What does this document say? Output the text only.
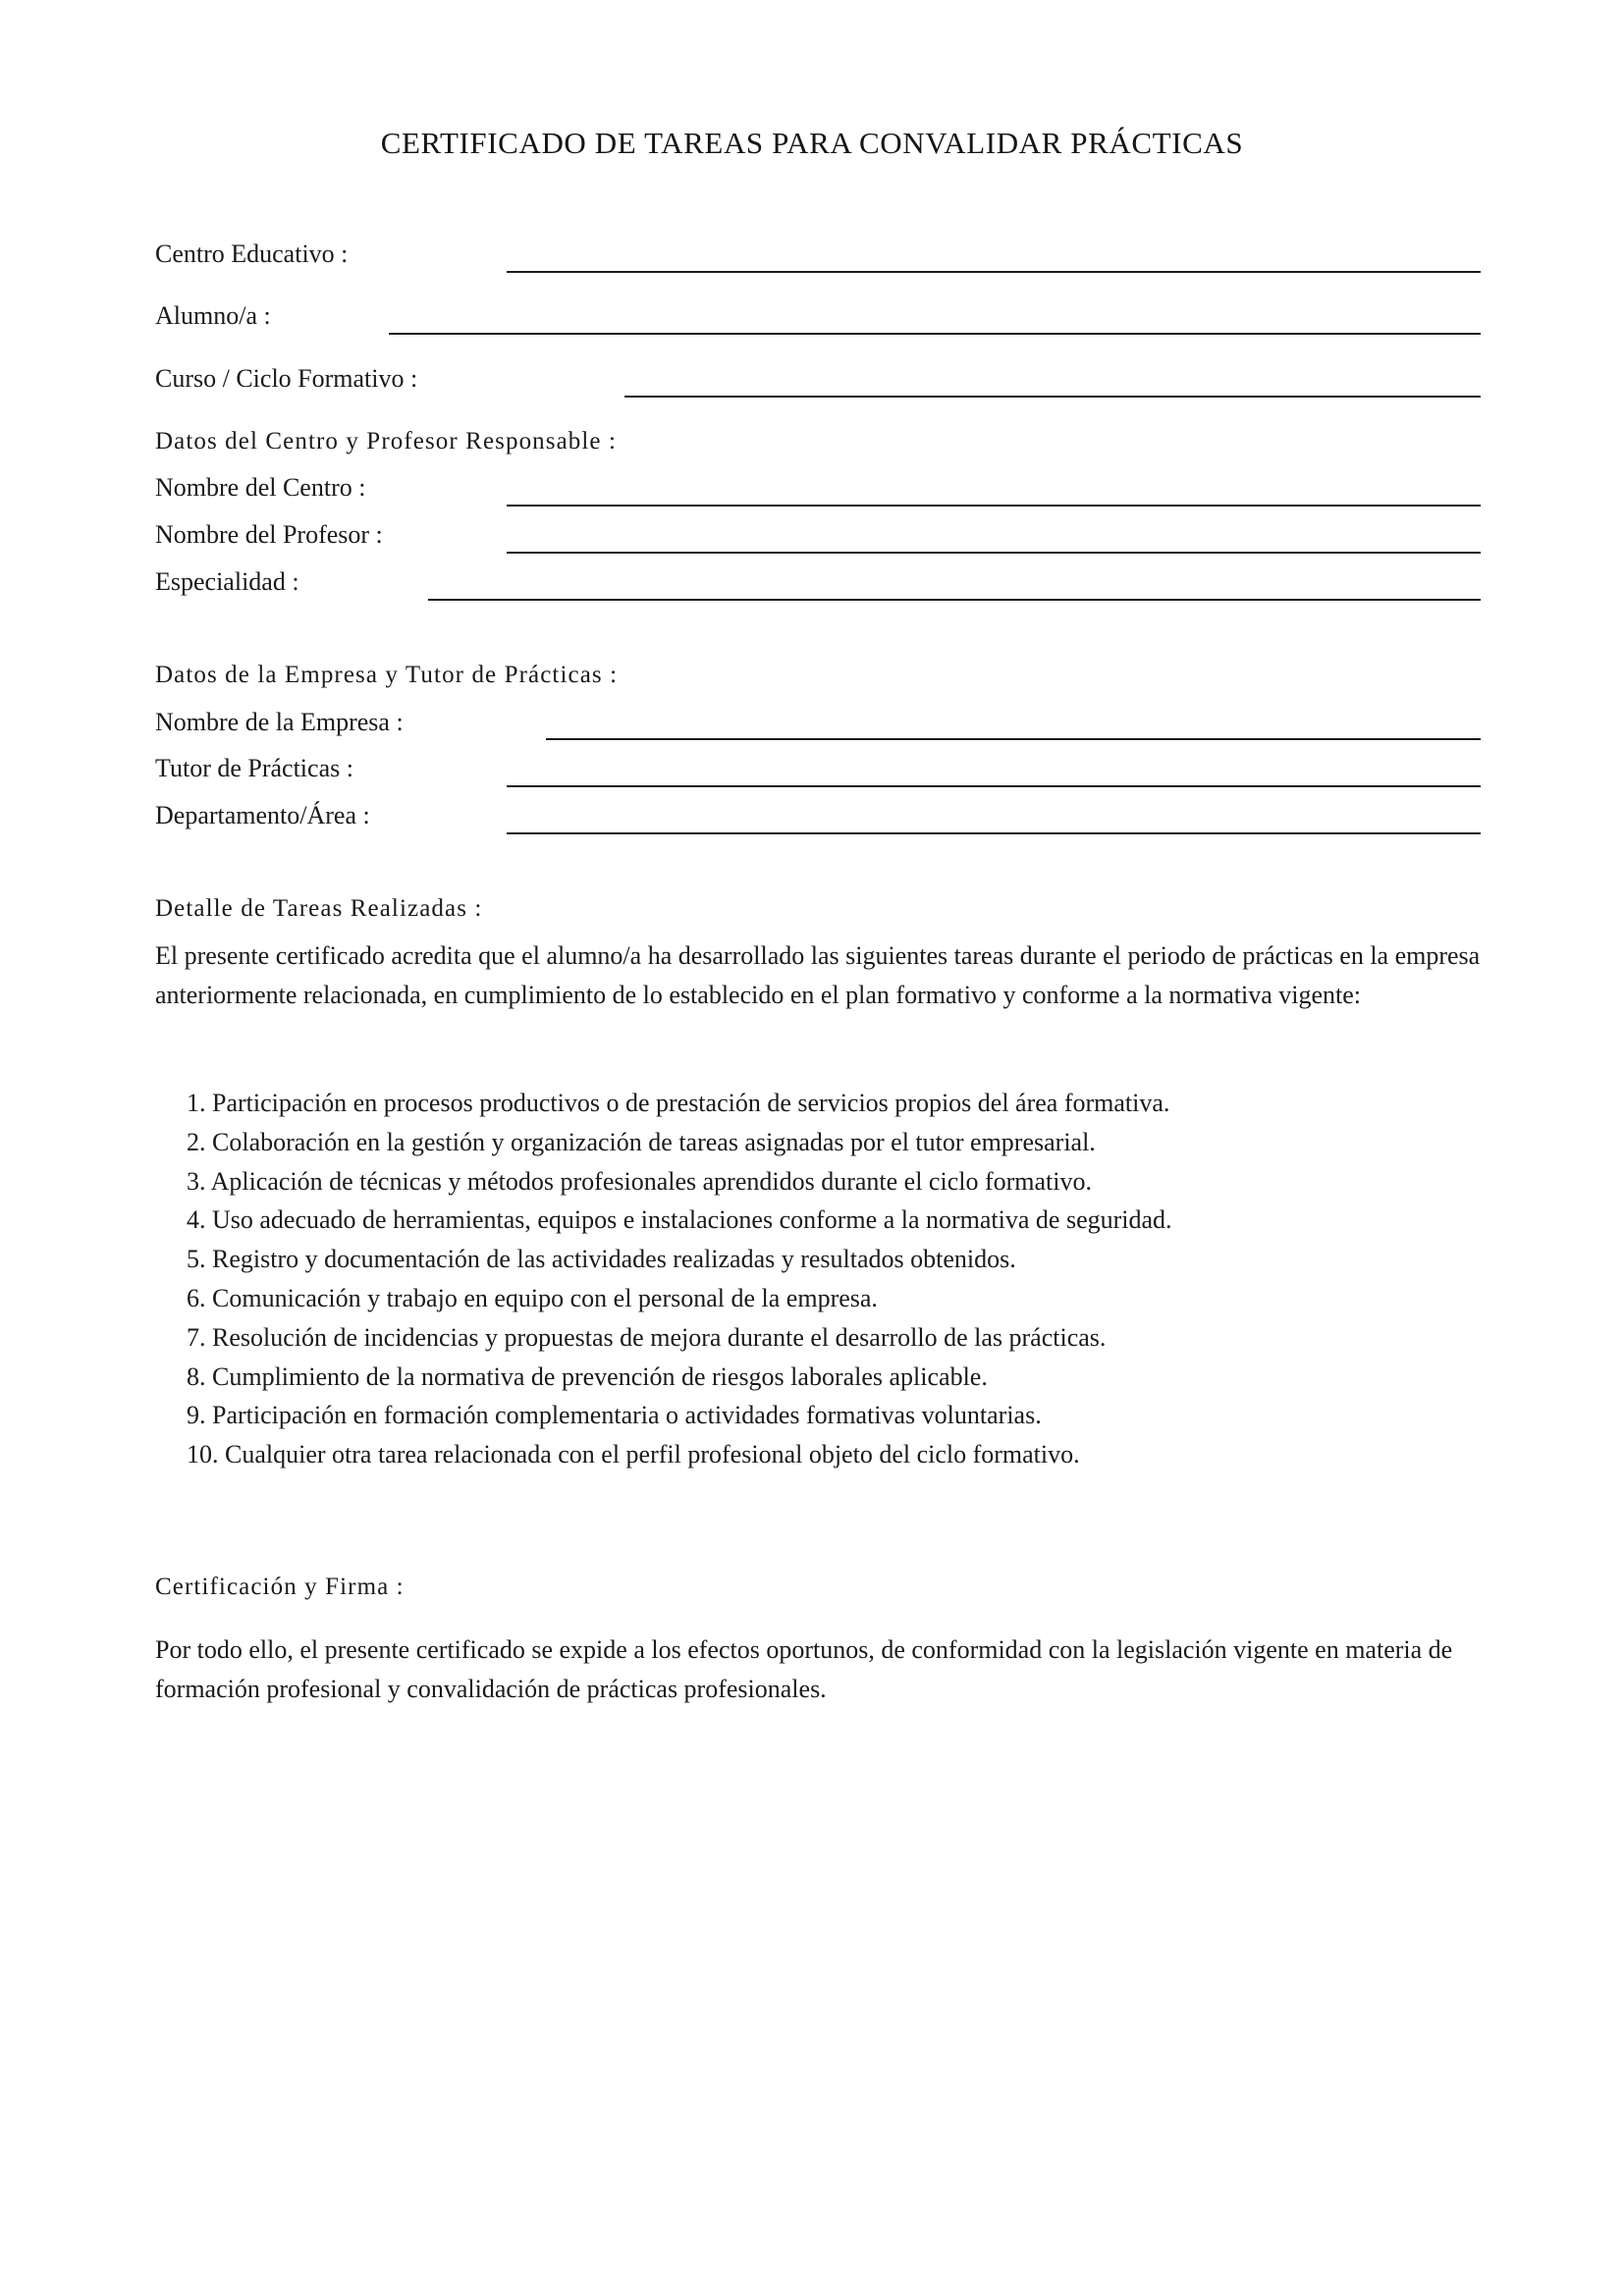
CERTIFICADO DE TAREAS PARA CONVALIDAR PRÁCTICAS
Centro Educativo :
Alumno/a :
Curso / Ciclo Formativo :
Datos del Centro y Profesor Responsable :
Nombre del Centro :
Nombre del Profesor :
Especialidad :
Datos de la Empresa y Tutor de Prácticas :
Nombre de la Empresa :
Tutor de Prácticas :
Departamento/Área :
Detalle de Tareas Realizadas :
El presente certificado acredita que el alumno/a ha desarrollado las siguientes tareas durante el periodo de prácticas en la empresa anteriormente relacionada, en cumplimiento de lo establecido en el plan formativo y conforme a la normativa vigente:
1. Participación en procesos productivos o de prestación de servicios propios del área formativa.
2. Colaboración en la gestión y organización de tareas asignadas por el tutor empresarial.
3. Aplicación de técnicas y métodos profesionales aprendidos durante el ciclo formativo.
4. Uso adecuado de herramientas, equipos e instalaciones conforme a la normativa de seguridad.
5. Registro y documentación de las actividades realizadas y resultados obtenidos.
6. Comunicación y trabajo en equipo con el personal de la empresa.
7. Resolución de incidencias y propuestas de mejora durante el desarrollo de las prácticas.
8. Cumplimiento de la normativa de prevención de riesgos laborales aplicable.
9. Participación en formación complementaria o actividades formativas voluntarias.
10. Cualquier otra tarea relacionada con el perfil profesional objeto del ciclo formativo.
Certificación y Firma :
Por todo ello, el presente certificado se expide a los efectos oportunos, de conformidad con la legislación vigente en materia de formación profesional y convalidación de prácticas profesionales.
